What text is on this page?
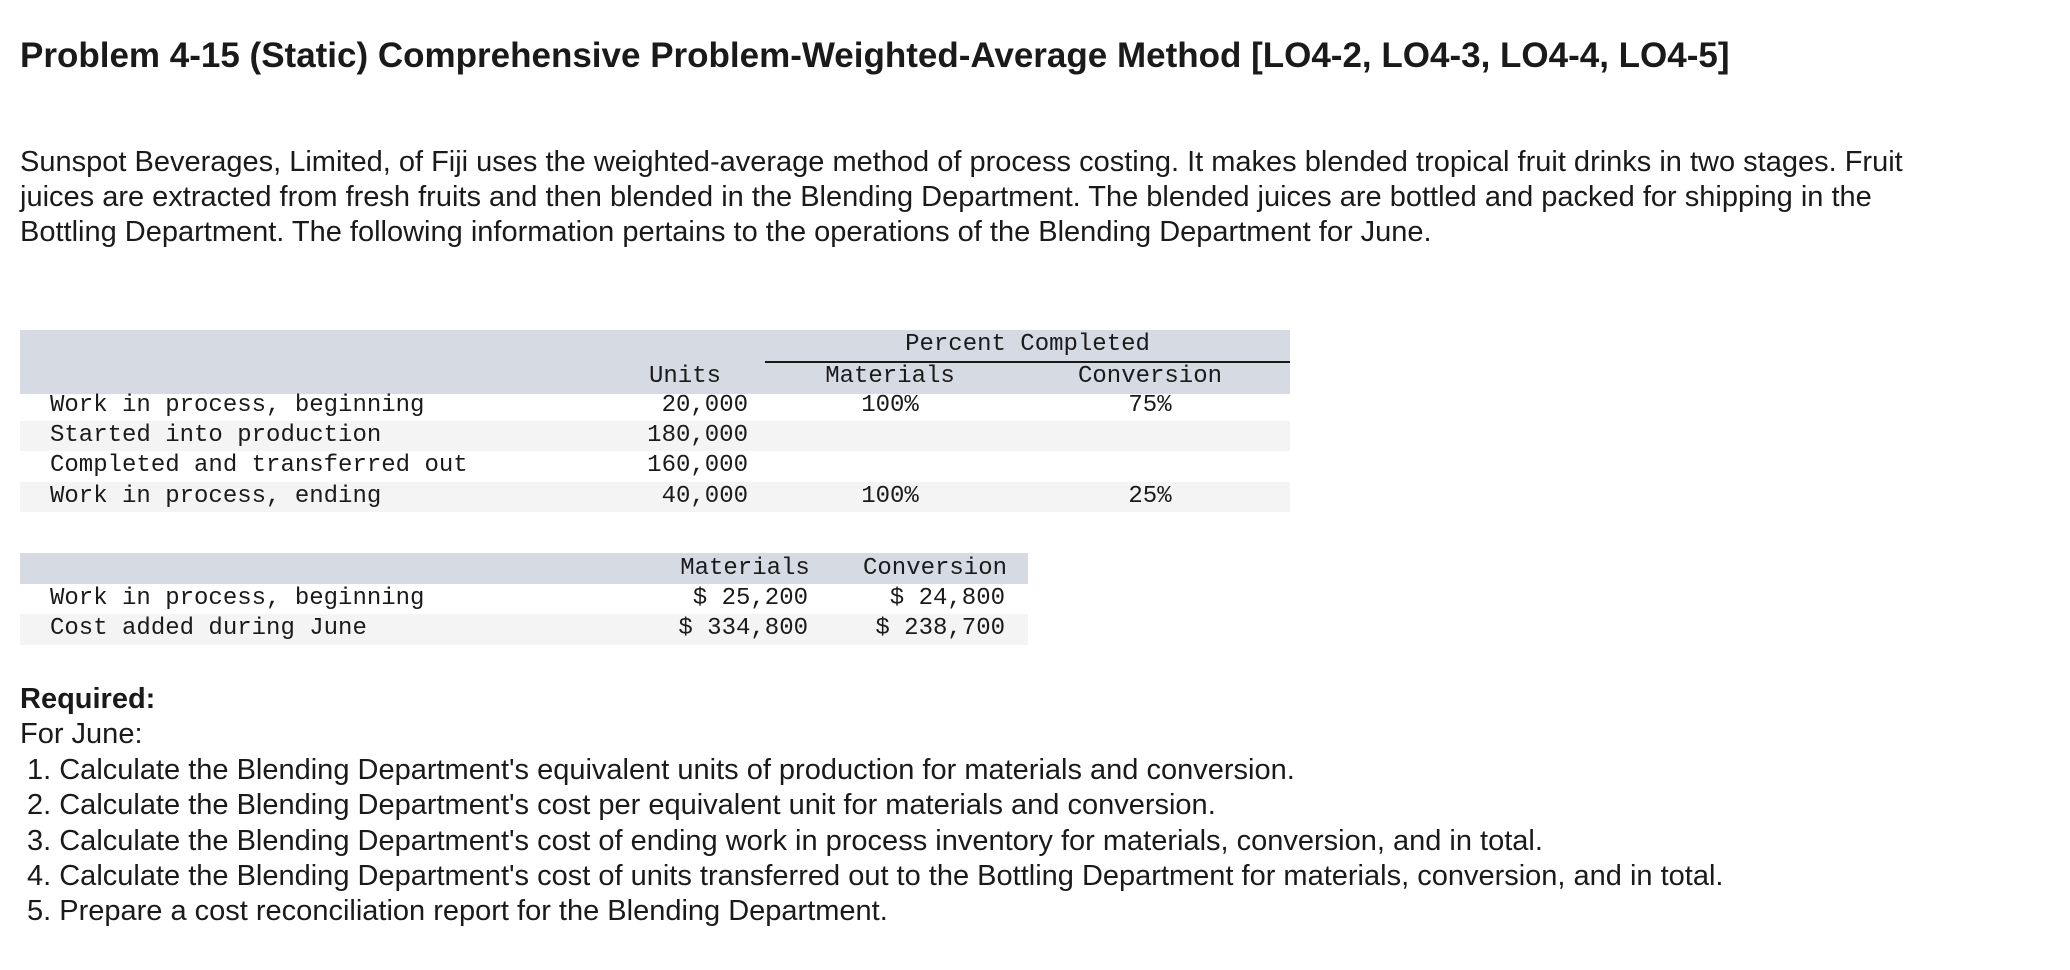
Problem 4-15 (Static) Comprehensive Problem-Weighted-Average Method [LO4-2, LO4-3, LO4-4, LO4-5]
Sunspot Beverages, Limited, of Fiji uses the weighted-average method of process costing. It makes blended tropical fruit drinks in two stages. Fruit juices are extracted from fresh fruits and then blended in the Blending Department. The blended juices are bottled and packed for shipping in the Bottling Department. The following information pertains to the operations of the Blending Department for June.
Percent Completed
Units	Materials	Conversion
Work in process, beginning	20,000	100%	75%
Started into production	180,000
Completed and transferred out	160,000
Work in process, ending	40,000	100%	25%
Materials	Conversion
Work in process, beginning	$ 25,200	$ 24,800
Cost added during June	$ 334,800	$ 238,700
Required:
For June:
1. Calculate the Blending Department's equivalent units of production for materials and conversion.
2. Calculate the Blending Department's cost per equivalent unit for materials and conversion.
3. Calculate the Blending Department's cost of ending work in process inventory for materials, conversion, and in total.
4. Calculate the Blending Department's cost of units transferred out to the Bottling Department for materials, conversion, and in total.
5. Prepare a cost reconciliation report for the Blending Department.
